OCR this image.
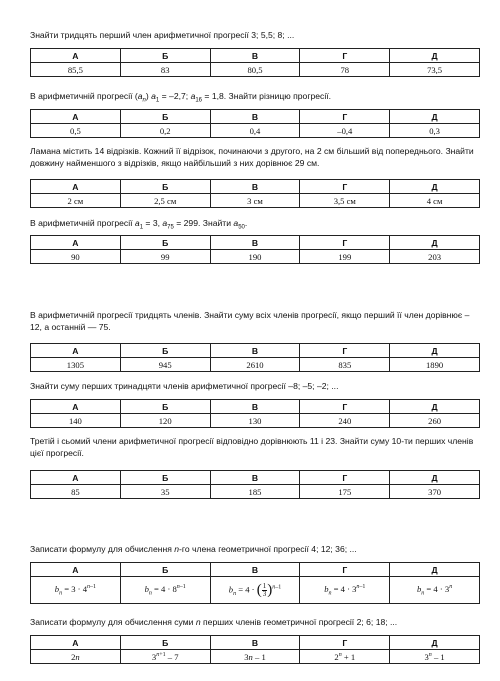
Знайти тридцять перший член арифметичної прогресії 3; 5,5; 8; ...

А	Б	В	Г	Д
85,5	83	80,5	78	73,5

В арифметичній прогресії $(a_n) a_1 = -2,7$; $a_{16} = 1,8$. Знайти різницю прогресії.

А	Б	В	Г	Д
0,5	0,2	0,4	–0,4	0,3

Ламана містить 14 відрізків. Кожний її відрізок, починаючи з другого, на 2 см більший від попереднього. Знайти довжину найменшого з відрізків, якщо найбільший з них дорівнює 29 см.

А	Б	В	Г	Д
2 см	2,5 см	3 см	3,5 см	4 см

В арифметичній прогресії $a_1 = 3$, $a_{75} = 299$. Знайти $a_{50}$.

А	Б	В	Г	Д
90	99	190	199	203

В арифметичній прогресії тридцять членів. Знайти суму всіх членів прогресії, якщо перший її член дорівнює –12, а останній — 75.

А	Б	В	Г	Д
1305	945	2610	835	1890

Знайти суму перших тринадцяти членів арифметичної прогресії –8; –5; –2; ...

А	Б	В	Г	Д
140	120	130	240	260

Третій і сьомий члени арифметичної прогресії відповідно дорівнюють 11 і 23. Знайти суму 10-ти перших членів цієї прогресії.

А	Б	В	Г	Д
85	35	185	175	370

Записати формулу для обчислення n-го члена геометричної прогресії 4; 12; 36; ...

А	Б	В	Г	Д
$b_n = 3 \cdot 4^{n-1}$	$b_n = 4 \cdot 8^{n-1}$	$b_n = 4$ · ( $\frac{1}{3} )^{n-1}$	$b_n = 4 \cdot 3^{n-1}$	$b_n = 4 \cdot 3^n$

Записати формулу для обчислення суми n перших членів геометричної прогресії 2; 6; 18; ...

А	Б	В	Г	Д
2n	$3^{n+1} - 7$	3n – 1	$2^n + 1$	3$^n$ – 1
